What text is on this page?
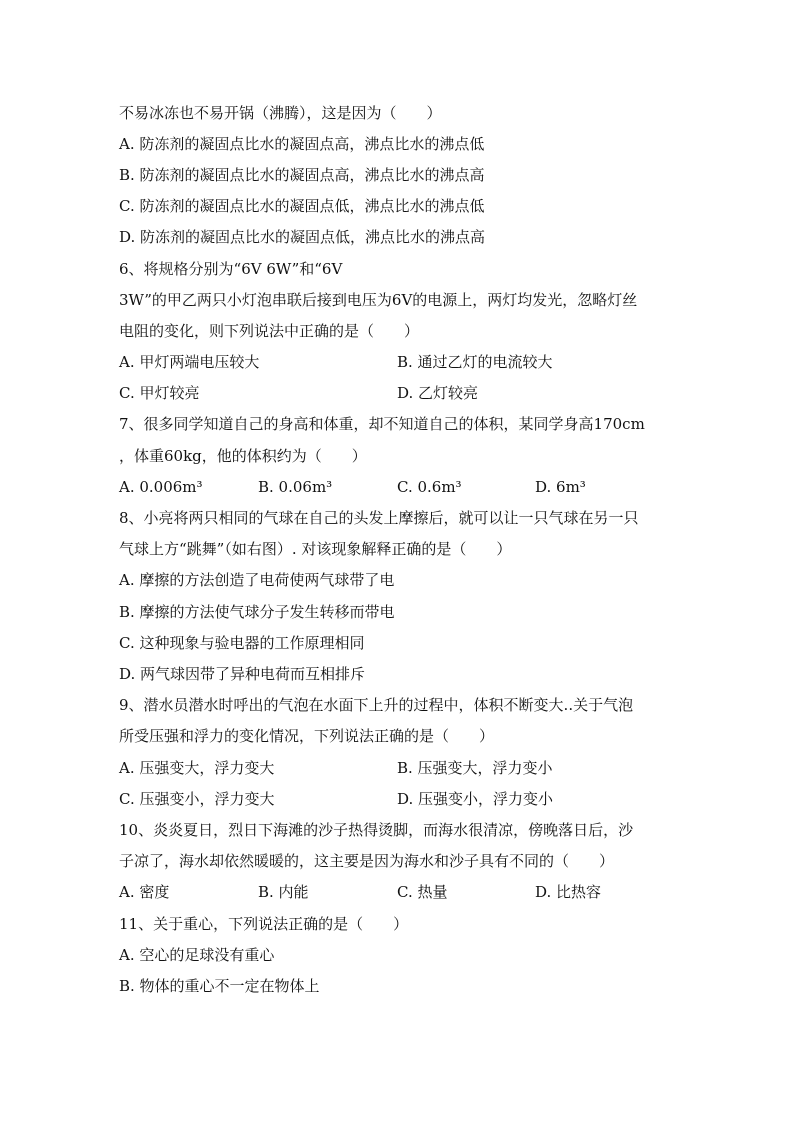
不易冰冻也不易开锅（沸腾），这是因为（　　）
A. 防冻剂的凝固点比水的凝固点高，沸点比水的沸点低
B. 防冻剂的凝固点比水的凝固点高，沸点比水的沸点高
C. 防冻剂的凝固点比水的凝固点低，沸点比水的沸点低
D. 防冻剂的凝固点比水的凝固点低，沸点比水的沸点高
6、将规格分别为“6V 6W”和“6V
3W”的甲乙两只小灯泡串联后接到电压为6V的电源上，两灯均发光，忽略灯丝
电阻的变化，则下列说法中正确的是（　　）
A. 甲灯两端电压较大	B. 通过乙灯的电流较大
C. 甲灯较亮	D. 乙灯较亮
7、很多同学知道自己的身高和体重，却不知道自己的体积，某同学身高170cm
，体重60kg，他的体积约为（　　）
A. 0.006m³	B. 0.06m³	C. 0.6m³	D. 6m³
8、小亮将两只相同的气球在自己的头发上摩擦后，就可以让一只气球在另一只
气球上方“跳舞”（如右图）. 对该现象解释正确的是（　　）
A. 摩擦的方法创造了电荷使两气球带了电
B. 摩擦的方法使气球分子发生转移而带电
C. 这种现象与验电器的工作原理相同
D. 两气球因带了异种电荷而互相排斥
9、潜水员潜水时呼出的气泡在水面下上升的过程中，体积不断变大..关于气泡
所受压强和浮力的变化情况，下列说法正确的是（　　）
A. 压强变大，浮力变大	B. 压强变大，浮力变小
C. 压强变小，浮力变大	D. 压强变小，浮力变小
10、炎炎夏日，烈日下海滩的沙子热得烫脚，而海水很清凉，傍晚落日后，沙
子凉了，海水却依然暖暖的，这主要是因为海水和沙子具有不同的（　　）
A. 密度	B. 内能	C. 热量	D. 比热容
11、关于重心，下列说法正确的是（　　）
A. 空心的足球没有重心
B. 物体的重心不一定在物体上
